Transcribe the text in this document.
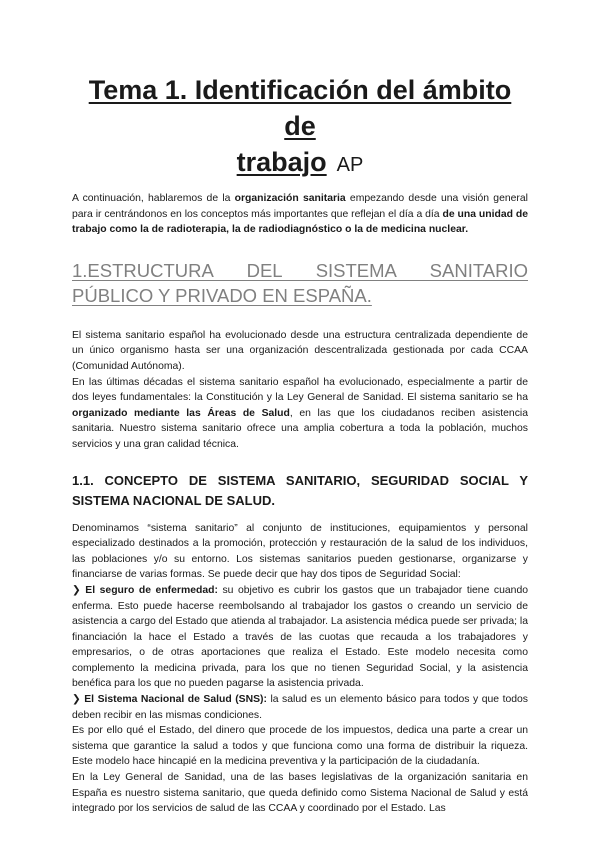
Tema 1. Identificación del ámbito de
trabajo AP

A continuación, hablaremos de la organización sanitaria empezando desde una visión general para ir centrándonos en los conceptos más importantes que reflejan el día a día de una unidad de trabajo como la de radioterapia, la de radiodiagnóstico o la de medicina nuclear.

1.ESTRUCTURA DEL SISTEMA SANITARIO PÚBLICO Y PRIVADO EN ESPAÑA.

El sistema sanitario español ha evolucionado desde una estructura centralizada dependiente de un único organismo hasta ser una organización descentralizada gestionada por cada CCAA (Comunidad Autónoma).

En las últimas décadas el sistema sanitario español ha evolucionado, especialmente a partir de dos leyes fundamentales: la Constitución y la Ley General de Sanidad. El sistema sanitario se ha organizado mediante las Áreas de Salud, en las que los ciudadanos reciben asistencia sanitaria. Nuestro sistema sanitario ofrece una amplia cobertura a toda la población, muchos servicios y una gran calidad técnica.

1.1. CONCEPTO DE SISTEMA SANITARIO, SEGURIDAD SOCIAL Y SISTEMA NACIONAL DE SALUD.

Denominamos “sistema sanitario” al conjunto de instituciones, equipamientos y personal especializado destinados a la promoción, protección y restauración de la salud de los individuos, las poblaciones y/o su entorno. Los sistemas sanitarios pueden gestionarse, organizarse y financiarse de varias formas. Se puede decir que hay dos tipos de Seguridad Social:

❯ El seguro de enfermedad: su objetivo es cubrir los gastos que un trabajador tiene cuando enferma. Esto puede hacerse reembolsando al trabajador los gastos o creando un servicio de asistencia a cargo del Estado que atienda al trabajador. La asistencia médica puede ser privada; la financiación la hace el Estado a través de las cuotas que recauda a los trabajadores y empresarios, o de otras aportaciones que realiza el Estado. Este modelo necesita como complemento la medicina privada, para los que no tienen Seguridad Social, y la asistencia benéfica para los que no pueden pagarse la asistencia privada.

❯ El Sistema Nacional de Salud (SNS): la salud es un elemento básico para todos y que todos deben recibir en las mismas condiciones.

Es por ello qué el Estado, del dinero que procede de los impuestos, dedica una parte a crear un sistema que garantice la salud a todos y que funciona como una forma de distribuir la riqueza. Este modelo hace hincapié en la medicina preventiva y la participación de la ciudadanía.

En la Ley General de Sanidad, una de las bases legislativas de la organización sanitaria en España es nuestro sistema sanitario, que queda definido como Sistema Nacional de Salud y está integrado por los servicios de salud de las CCAA y coordinado por el Estado. Las
